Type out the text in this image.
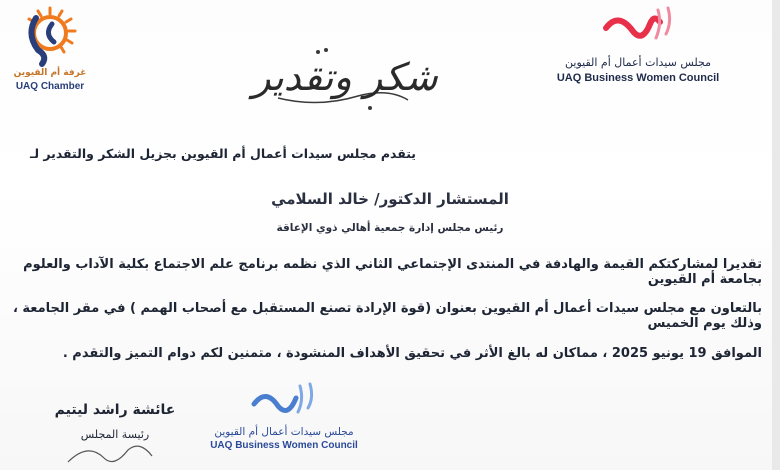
غرفة أم القيوين
UAQ Chamber	شكر وتقدير	مجلس سيدات أعمال أم القيوين
UAQ Business Women Council
يتقدم مجلس سيدات أعمال أم القيوين بجزيل الشكر والتقدير لـ
المستشار الدكتور/ خالد السلامي
رئيس مجلس إدارة جمعية أهالي ذوي الإعاقة
تقديرا لمشاركتكم القيمة والهادفة في المنتدى الإجتماعي الثاني الذي نظمه برنامج علم الاجتماع بكلية الآداب والعلوم بجامعة أم القيوين
بالتعاون مع مجلس سيدات أعمال أم القيوين بعنوان (قوة الإرادة تصنع المستقبل مع أصحاب الهمم ) في مقر الجامعة ، وذلك يوم الخميس
الموافق 19 يونيو 2025 ، مماكان له بالغ الأثر في تحقيق الأهداف المنشودة ، متمنين لكم دوام التميز والتقدم .
عائشة راشد ليتيم
رئيسة المجلس	مجلس سيدات أعمال أم القيوين
UAQ Business Women Council
